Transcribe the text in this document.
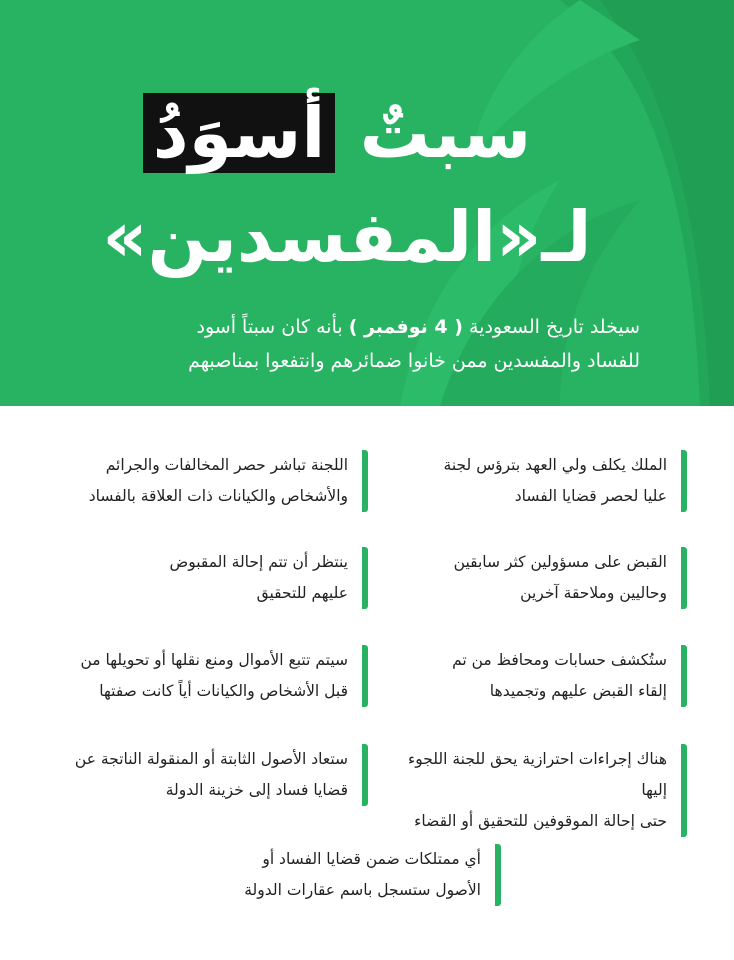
سبتٌ أسوَدُ
لـ«المفسدين»
سيخلد تاريخ السعودية ( 4 نوفمبر ) بأنه كان سبتاً أسود
للفساد والمفسدين ممن خانوا ضمائرهم وانتفعوا بمناصبهم
الملك يكلف ولي العهد بترؤس لجنة
عليا لحصر قضايا الفساد
اللجنة تباشر حصر المخالفات والجرائم
والأشخاص والكيانات ذات العلاقة بالفساد
القبض على مسؤولين كثر سابقين
وحاليين وملاحقة آخرين
ينتظر أن تتم إحالة المقبوض
عليهم للتحقيق
ستُكشف حسابات ومحافظ من تم
إلقاء القبض عليهم وتجميدها
سيتم تتبع الأموال ومنع نقلها أو تحويلها من
قبل الأشخاص والكيانات أياً كانت صفتها
هناك إجراءات احترازية يحق للجنة اللجوء إليها
حتى إحالة الموقوفين للتحقيق أو القضاء
ستعاد الأصول الثابتة أو المنقولة الناتجة عن
قضايا فساد إلى خزينة الدولة
أي ممتلكات ضمن قضايا الفساد أو
الأصول ستسجل باسم عقارات الدولة
